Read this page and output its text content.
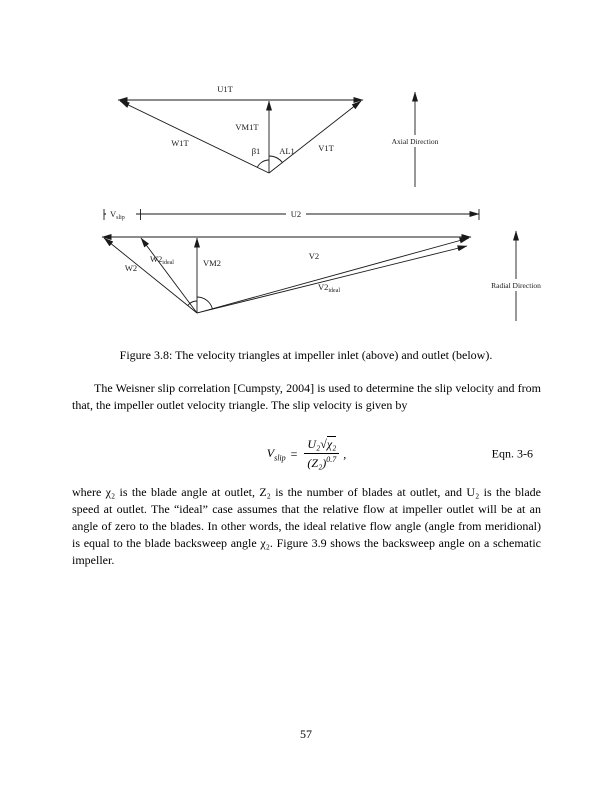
U1T
VM1T
W1T	V1T
β1 AL1
Axial Direction
$V_{slip}$	U2
W2
$W2_{ideal}$	VM2
V2
$V2_{ideal}$
Radial Direction
Figure 3.8: The velocity triangles at impeller inlet (above) and outlet (below).

The Weisner slip correlation [Cumpsty, 2004] is used to determine the slip velocity and from that, the impeller outlet velocity triangle. The slip velocity is given by

$V_{slip} = \frac{\text{U₂√χ₂}}{(Z_2)^{0.7}}$ ,	Eqn. 3-6

where χ₂ is the blade angle at outlet, Z₂ is the number of blades at outlet, and U₂ is the blade speed at outlet. The “ideal” case assumes that the relative flow at impeller outlet will be at an angle of zero to the blades. In other words, the ideal relative flow angle (angle from meridional) is equal to the blade backsweep angle χ₂. Figure 3.9 shows the backsweep angle on a schematic impeller.

57
